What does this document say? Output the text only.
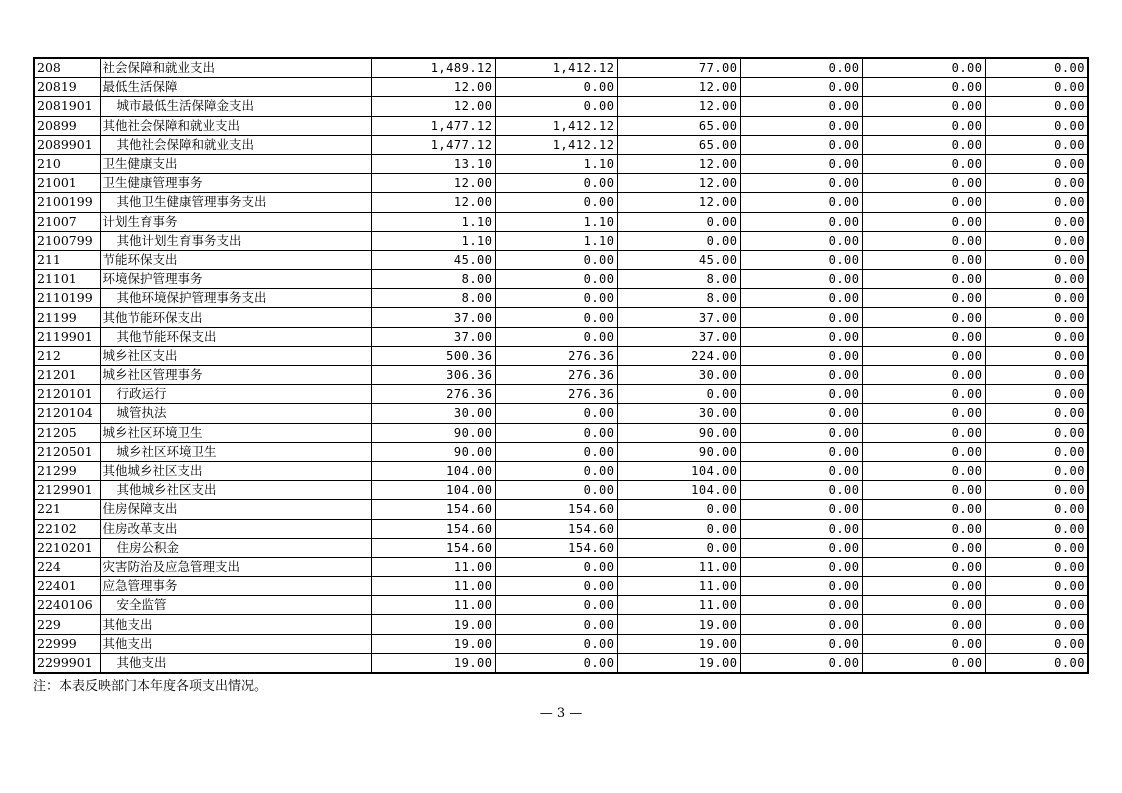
208	社会保障和就业支出	1,489.12	1,412.12	77.00	0.00	0.00	0.00
20819	最低生活保障	12.00	0.00	12.00	0.00	0.00	0.00
2081901	城市最低生活保障金支出	12.00	0.00	12.00	0.00	0.00	0.00
20899	其他社会保障和就业支出	1,477.12	1,412.12	65.00	0.00	0.00	0.00
2089901	其他社会保障和就业支出	1,477.12	1,412.12	65.00	0.00	0.00	0.00
210	卫生健康支出	13.10	1.10	12.00	0.00	0.00	0.00
21001	卫生健康管理事务	12.00	0.00	12.00	0.00	0.00	0.00
2100199	其他卫生健康管理事务支出	12.00	0.00	12.00	0.00	0.00	0.00
21007	计划生育事务	1.10	1.10	0.00	0.00	0.00	0.00
2100799	其他计划生育事务支出	1.10	1.10	0.00	0.00	0.00	0.00
211	节能环保支出	45.00	0.00	45.00	0.00	0.00	0.00
21101	环境保护管理事务	8.00	0.00	8.00	0.00	0.00	0.00
2110199	其他环境保护管理事务支出	8.00	0.00	8.00	0.00	0.00	0.00
21199	其他节能环保支出	37.00	0.00	37.00	0.00	0.00	0.00
2119901	其他节能环保支出	37.00	0.00	37.00	0.00	0.00	0.00
212	城乡社区支出	500.36	276.36	224.00	0.00	0.00	0.00
21201	城乡社区管理事务	306.36	276.36	30.00	0.00	0.00	0.00
2120101	行政运行	276.36	276.36	0.00	0.00	0.00	0.00
2120104	城管执法	30.00	0.00	30.00	0.00	0.00	0.00
21205	城乡社区环境卫生	90.00	0.00	90.00	0.00	0.00	0.00
2120501	城乡社区环境卫生	90.00	0.00	90.00	0.00	0.00	0.00
21299	其他城乡社区支出	104.00	0.00	104.00	0.00	0.00	0.00
2129901	其他城乡社区支出	104.00	0.00	104.00	0.00	0.00	0.00
221	住房保障支出	154.60	154.60	0.00	0.00	0.00	0.00
22102	住房改革支出	154.60	154.60	0.00	0.00	0.00	0.00
2210201	住房公积金	154.60	154.60	0.00	0.00	0.00	0.00
224	灾害防治及应急管理支出	11.00	0.00	11.00	0.00	0.00	0.00
22401	应急管理事务	11.00	0.00	11.00	0.00	0.00	0.00
2240106	安全监管	11.00	0.00	11.00	0.00	0.00	0.00
229	其他支出	19.00	0.00	19.00	0.00	0.00	0.00
22999	其他支出	19.00	0.00	19.00	0.00	0.00	0.00
2299901	其他支出	19.00	0.00	19.00	0.00	0.00	0.00
注：本表反映部门本年度各项支出情况。
— 3 —
